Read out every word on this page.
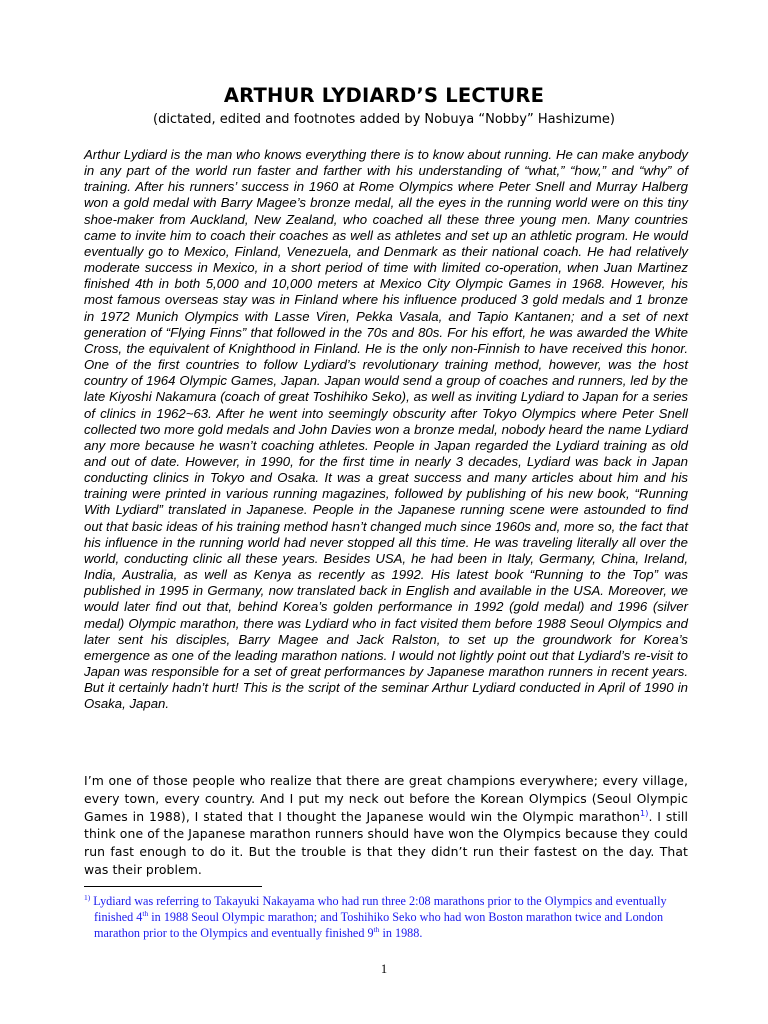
ARTHUR LYDIARD’S LECTURE

(dictated, edited and footnotes added by Nobuya “Nobby” Hashizume)

Arthur Lydiard is the man who knows everything there is to know about running. He can make anybody in any part of the world run faster and farther with his understanding of “what,” “how,” and “why” of training. After his runners’ success in 1960 at Rome Olympics where Peter Snell and Murray Halberg won a gold medal with Barry Magee’s bronze medal, all the eyes in the running world were on this tiny shoe-maker from Auckland, New Zealand, who coached all these three young men. Many countries came to invite him to coach their coaches as well as athletes and set up an athletic program. He would eventually go to Mexico, Finland, Venezuela, and Denmark as their national coach. He had relatively moderate success in Mexico, in a short period of time with limited co-operation, when Juan Martinez finished 4th in both 5,000 and 10,000 meters at Mexico City Olympic Games in 1968. However, his most famous overseas stay was in Finland where his influence produced 3 gold medals and 1 bronze in 1972 Munich Olympics with Lasse Viren, Pekka Vasala, and Tapio Kantanen; and a set of next generation of “Flying Finns” that followed in the 70s and 80s. For his effort, he was awarded the White Cross, the equivalent of Knighthood in Finland. He is the only non-Finnish to have received this honor. One of the first countries to follow Lydiard’s revolutionary training method, however, was the host country of 1964 Olympic Games, Japan. Japan would send a group of coaches and runners, led by the late Kiyoshi Nakamura (coach of great Toshihiko Seko), as well as inviting Lydiard to Japan for a series of clinics in 1962~63. After he went into seemingly obscurity after Tokyo Olympics where Peter Snell collected two more gold medals and John Davies won a bronze medal, nobody heard the name Lydiard any more because he wasn’t coaching athletes. People in Japan regarded the Lydiard training as old and out of date. However, in 1990, for the first time in nearly 3 decades, Lydiard was back in Japan conducting clinics in Tokyo and Osaka. It was a great success and many articles about him and his training were printed in various running magazines, followed by publishing of his new book, “Running With Lydiard” translated in Japanese. People in the Japanese running scene were astounded to find out that basic ideas of his training method hasn’t changed much since 1960s and, more so, the fact that his influence in the running world had never stopped all this time. He was traveling literally all over the world, conducting clinic all these years. Besides USA, he had been in Italy, Germany, China, Ireland, India, Australia, as well as Kenya as recently as 1992. His latest book “Running to the Top” was published in 1995 in Germany, now translated back in English and available in the USA. Moreover, we would later find out that, behind Korea’s golden performance in 1992 (gold medal) and 1996 (silver medal) Olympic marathon, there was Lydiard who in fact visited them before 1988 Seoul Olympics and later sent his disciples, Barry Magee and Jack Ralston, to set up the groundwork for Korea’s emergence as one of the leading marathon nations. I would not lightly point out that Lydiard’s re-visit to Japan was responsible for a set of great performances by Japanese marathon runners in recent years. But it certainly hadn’t hurt! This is the script of the seminar Arthur Lydiard conducted in April of 1990 in Osaka, Japan.

I’m one of those people who realize that there are great champions everywhere; every village, every town, every country. And I put my neck out before the Korean Olympics (Seoul Olympic Games in 1988), I stated that I thought the Japanese would win the Olympic marathon$^{1)}$. I still think one of the Japanese marathon runners should have won the Olympics because they could run fast enough to do it. But the trouble is that they didn’t run their fastest on the day. That was their problem.

$^{1)}$ Lydiard was referring to Takayuki Nakayama who had run three 2:08 marathons prior to the Olympics and eventually
finished 4th in 1988 Seoul Olympic marathon; and Toshihiko Seko who had won Boston marathon twice and London marathon prior to the Olympics and eventually finished 9th in 1988.

1
